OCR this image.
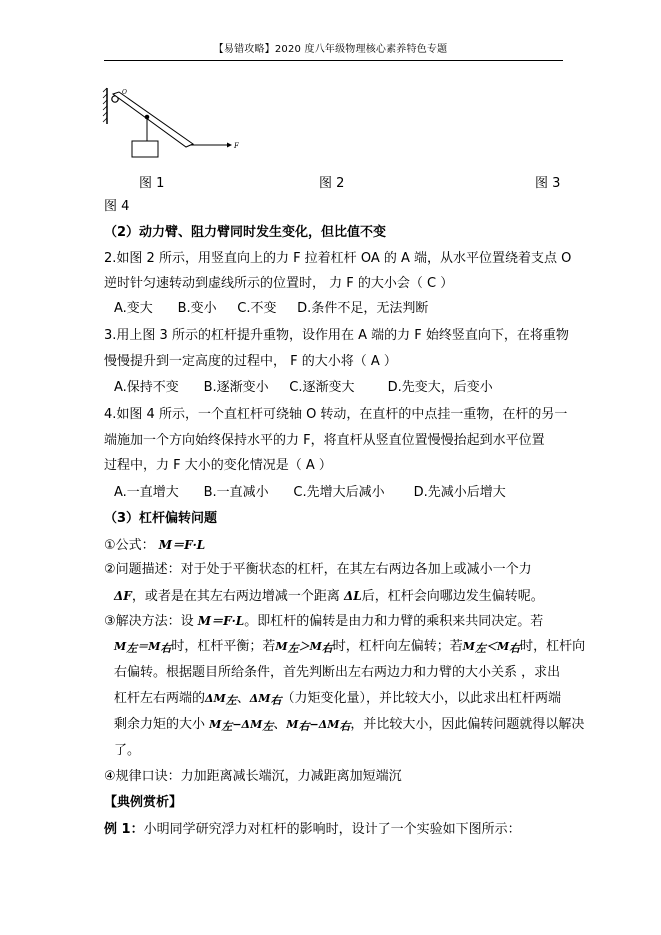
【易错攻略】2020 度八年级物理核心素养特色专题
O
F
图 1	图 2	图 3
图 4
（2）动力臂、阻力臂同时发生变化，但比值不变
2.如图 2 所示，用竖直向上的力 F 拉着杠杆 OA 的 A 端，从水平位置绕着支点 O
逆时针匀速转动到虚线所示的位置时， 力 F 的大小会（ C ）
A.变大      B.变小     C.不变     D.条件不足，无法判断
3.用上图 3 所示的杠杆提升重物，设作用在 A 端的力 F 始终竖直向下，在将重物
慢慢提升到一定高度的过程中， F 的大小将（ A ）
A.保持不变      B.逐渐变小     C.逐渐变大        D.先变大，后变小
4.如图 4 所示，一个直杠杆可绕轴 O 转动，在直杆的中点挂一重物，在杆的另一
端施加一个方向始终保持水平的力 F，将直杆从竖直位置慢慢抬起到水平位置
过程中，力 F 大小的变化情况是（ A ）
A.一直增大      B.一直减小      C.先增大后减小       D.先减小后增大
（3）杠杆偏转问题
①公式： M＝F·L
②问题描述：对于处于平衡状态的杠杆，在其左右两边各加上或减小一个力
ΔF，或者是在其左右两边增减一个距离 ΔL后，杠杆会向哪边发生偏转呢。
③解决方法：设 M＝F·L。即杠杆的偏转是由力和力臂的乘积来共同决定。若
$M_左=M_右$时，杠杆平衡；若$M_左>M_右$时，杠杆向左偏转；若$M_左<M_右$时，杠杆向
右偏转。根据题目所给条件，首先判断出左右两边力和力臂的大小关系 ，求出
杠杆左右两端的$\Delta M_左$、$\Delta M_右$（力矩变化量），并比较大小，以此求出杠杆两端
剩余力矩的大小 $M_左-\Delta M_左$、$M_右-\Delta M_右$，并比较大小，因此偏转问题就得以解决
了。
④规律口诀：力加距离减长端沉，力减距离加短端沉
【典例赏析】
例 1：小明同学研究浮力对杠杆的影响时，设计了一个实验如下图所示：
